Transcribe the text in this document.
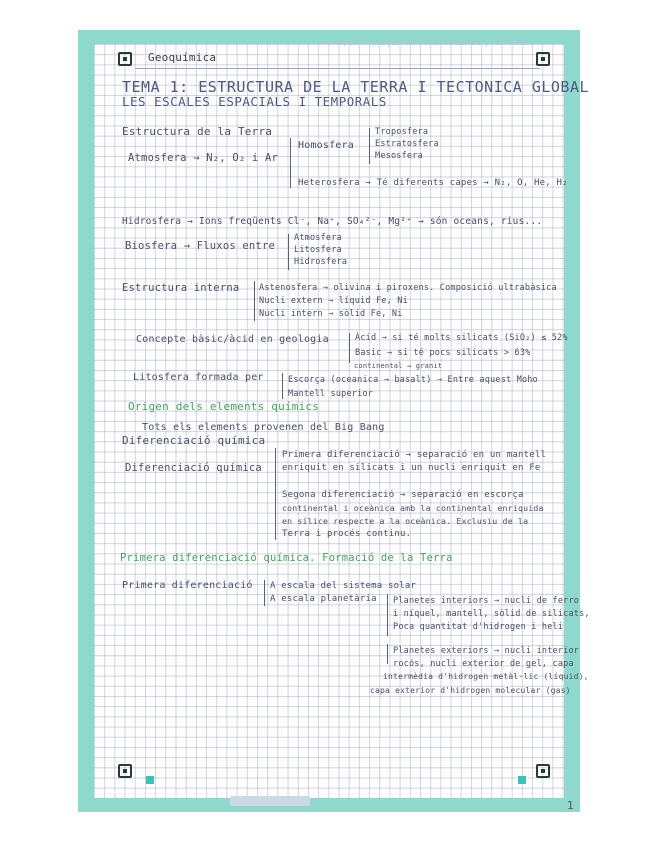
1
Geoquímica
+ Repasar preguntes fisicoquímica problemes
TEMA 1: ESTRUCTURA DE LA TERRA I TECTONICA GLOBAL
LES ESCALES ESPACIALS I TEMPORALS
Estructura de la Terra
Atmosfera → N₂, O₂ i Ar
Homosfera
Troposfera
Estratosfera
Mesosfera
Heterosfera → Té diferents capes → N₂, O, He, H₂
Hidrosfera → Ions freqüents Cl⁻, Na⁺, SO₄²⁻, Mg²⁺ → són oceans, rius...
Biosfera → Fluxos entre
Atmosfera
Litosfera
Hidrosfera
Estructura interna Astenosfera → olivina i piroxens. Composició ultrabàsica
Nucli extern → líquid Fe, Ni
Nucli intern → sòlid Fe, Ni
Concepte bàsic/àcid en geologia	Àcid → si té molts silicats (SiO₂) ≤ 52%
Basic → si té pocs silicats > 63%
continental → granit
Litosfera formada per	Escorça (oceanica → basalt) → Entre aquest Moho
Mantell superior
Origen dels elements químics
Tots els elements provenen del Big Bang
Diferenciació química
Diferenciació química
Primera diferenciació → separació en un mantell
enriquit en silicats i un nucli enriquit en Fe
Segona diferenciació → separació en escorça
continental i oceànica amb la continental enriquida
en sílice respecte a la oceànica. Exclusiu de la
Terra i procés continu.
Primera diferenciació química. Formació de la Terra
Primera diferenciació A escala del sistema solar
A escala planetària Planetes interiors → nucli de ferro
i níquel, mantell, sòlid de silicats,
Poca quantitat d'hidrogen i heli
Planetes exteriors → nucli interior
rocós, nucli exterior de gel, capa
intermèdia d'hidrogen metàl·lic (líquid),
capa exterior d'hidrogen molecular (gas)
